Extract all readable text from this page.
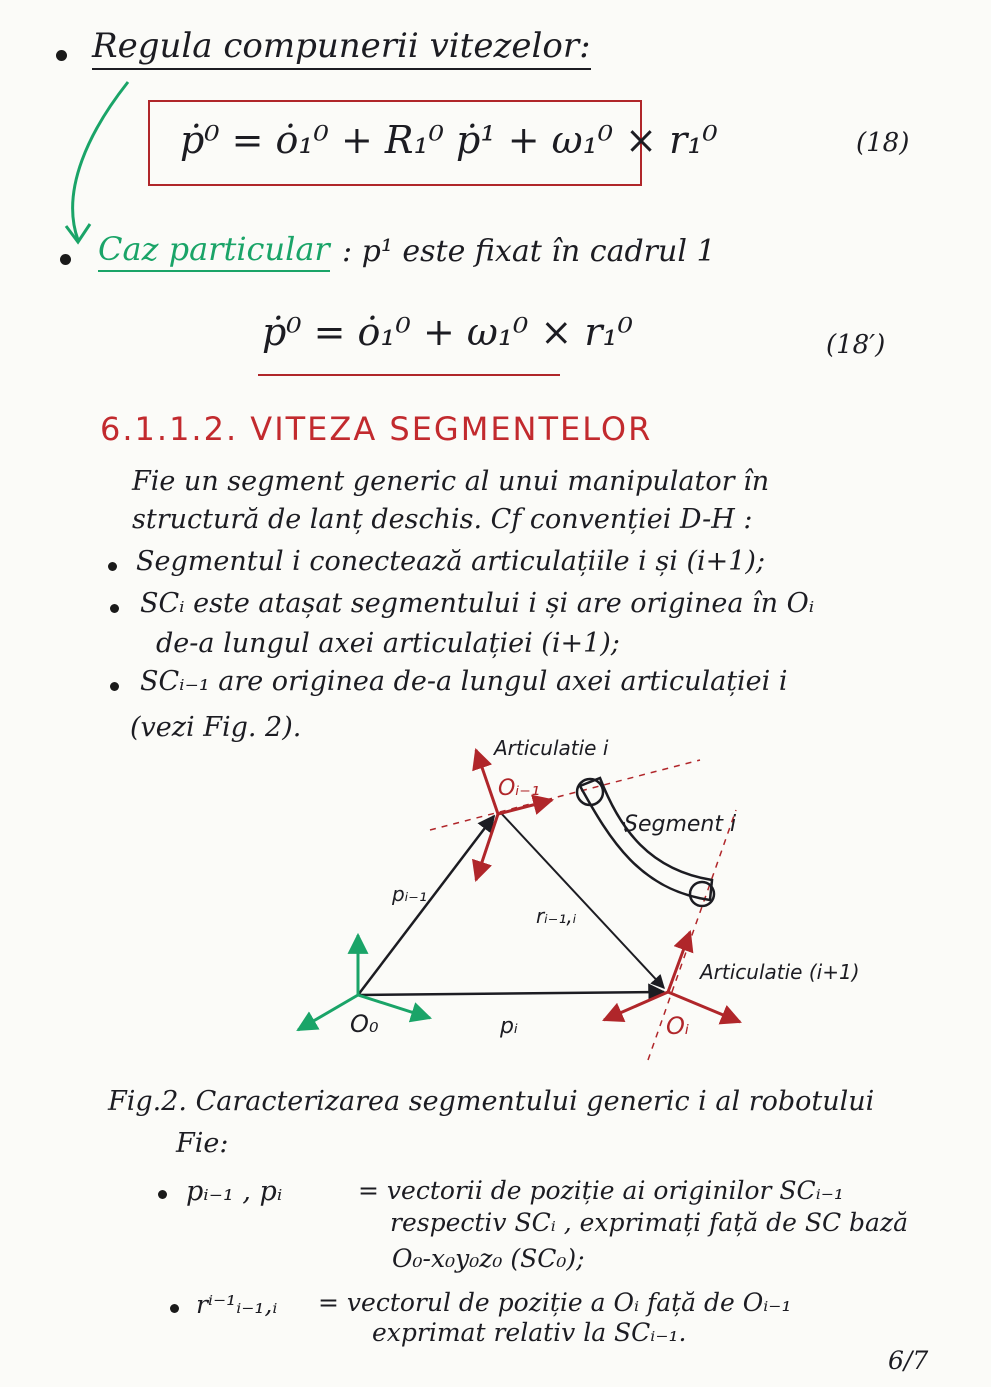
Regula compunerii vitezelor:
ṗ⁰ = ȯ₁⁰ + R₁⁰ ṗ¹ + ω₁⁰ × r₁⁰	(18)
Caz particular : p¹ este fixat în cadrul 1
ṗ⁰ = ȯ₁⁰ + ω₁⁰ × r₁⁰	(18′)
6.1.1.2. VITEZA SEGMENTELOR
Fie un segment generic al unui manipulator în
structură de lanț deschis. Cf convenției D-H :
Segmentul i conectează articulațiile i și (i+1);
SCᵢ este atașat segmentului i și are originea în Oᵢ
de-a lungul axei articulației (i+1);
SCᵢ₋₁ are originea de-a lungul axei articulației i
(vezi Fig. 2).
Articulatie i
Articulatie (i+1)
Segment i
O₀
Oᵢ₋₁
Oᵢ
pᵢ₋₁
pᵢ
rᵢ₋₁,ᵢ
Fig.2. Caracterizarea segmentului generic i al robotului
Fie:
pᵢ₋₁ , pᵢ	= vectorii de poziție ai originilor SCᵢ₋₁
respectiv SCᵢ , exprimați față de SC bază
O₀-x₀y₀z₀ (SC₀);
rⁱ⁻¹ᵢ₋₁,ᵢ = vectorul de poziție a Oᵢ față de Oᵢ₋₁
exprimat relativ la SCᵢ₋₁.
6/7
